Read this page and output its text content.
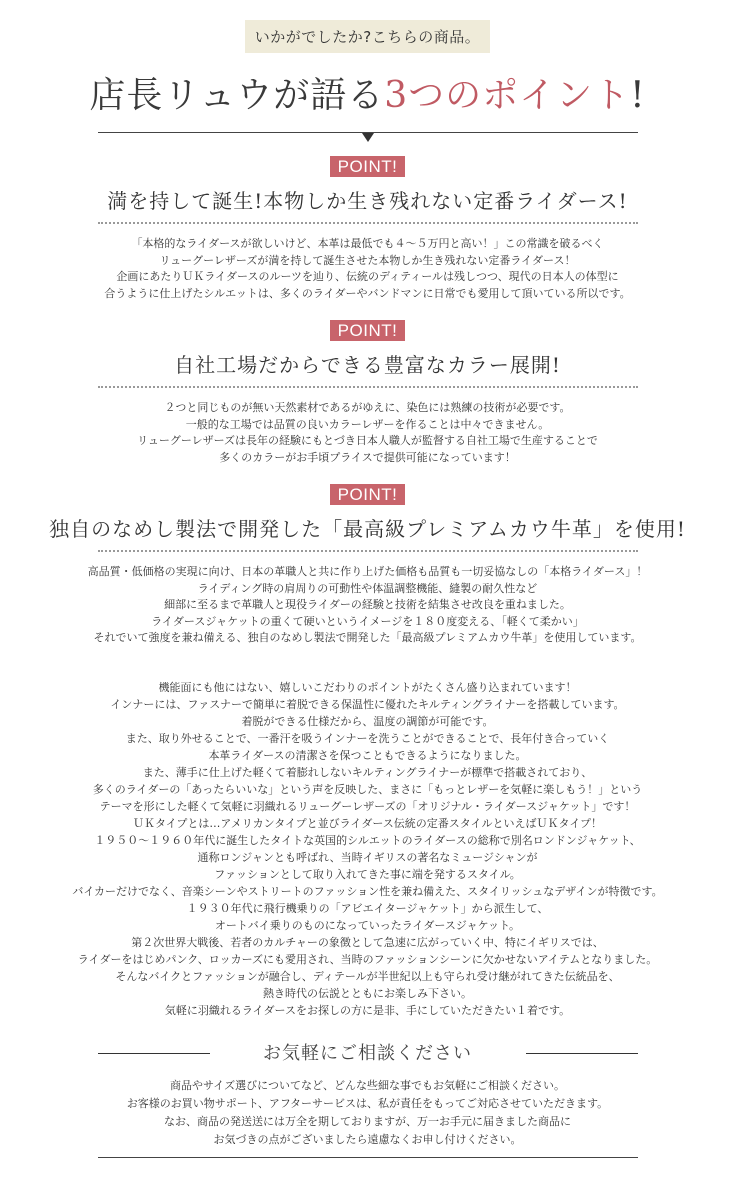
いかがでしたか?こちらの商品。
店長リュウが語る3つのポイント!
POINT!
満を持して誕生!本物しか生き残れない定番ライダース!
「本格的なライダースが欲しいけど、本革は最低でも４～５万円と高い！」この常識を破るべく
リューグーレザーズが満を持して誕生させた本物しか生き残れない定番ライダース！
企画にあたりＵＫライダースのルーツを辿り、伝統のディティールは残しつつ、現代の日本人の体型に
合うように仕上げたシルエットは、多くのライダーやバンドマンに日常でも愛用して頂いている所以です。
POINT!
自社工場だからできる豊富なカラー展開!
２つと同じものが無い天然素材であるがゆえに、染色には熟練の技術が必要です。
一般的な工場では品質の良いカラーレザーを作ることは中々できません。
リューグーレザーズは長年の経験にもとづき日本人職人が監督する自社工場で生産することで
多くのカラーがお手頃プライスで提供可能になっています！
POINT!
独自のなめし製法で開発した「最高級プレミアムカウ牛革」を使用!
高品質・低価格の実現に向け、日本の革職人と共に作り上げた価格も品質も一切妥協なしの「本格ライダース」！
ライディング時の肩周りの可動性や体温調整機能、縫製の耐久性など
細部に至るまで革職人と現役ライダーの経験と技術を結集させ改良を重ねました。
ライダースジャケットの重くて硬いというイメージを１８０度変える、「軽くて柔かい」
それでいて強度を兼ね備える、独自のなめし製法で開発した「最高級プレミアムカウ牛革」を使用しています。
機能面にも他にはない、嬉しいこだわりのポイントがたくさん盛り込まれています！
インナーには、ファスナーで簡単に着脱できる保温性に優れたキルティングライナーを搭載しています。
着脱ができる仕様だから、温度の調節が可能です。
また、取り外せることで、一番汗を吸うインナーを洗うことができることで、長年付き合っていく
本革ライダースの清潔さを保つこともできるようになりました。
また、薄手に仕上げた軽くて着膨れしないキルティングライナーが標準で搭載されており、
多くのライダーの「あったらいいな」という声を反映した、まさに「もっとレザーを気軽に楽しもう！」という
テーマを形にした軽くて気軽に羽織れるリューグーレザーズの「オリジナル・ライダースジャケット」です！
ＵＫタイプとは…アメリカンタイプと並びライダース伝統の定番スタイルといえばＵＫタイプ！
１９５０～１９６０年代に誕生したタイトな英国的シルエットのライダースの総称で別名ロンドンジャケット、
通称ロンジャンとも呼ばれ、当時イギリスの著名なミュージシャンが
ファッションとして取り入れてきた事に端を発するスタイル。
バイカーだけでなく、音楽シーンやストリートのファッション性を兼ね備えた、スタイリッシュなデザインが特徴です。
１９３０年代に飛行機乗りの「アビエイタージャケット」から派生して、
オートバイ乗りのものになっていったライダースジャケット。
第２次世界大戦後、若者のカルチャーの象徴として急速に広がっていく中、特にイギリスでは、
ライダーをはじめパンク、ロッカーズにも愛用され、当時のファッションシーンに欠かせないアイテムとなりました。
そんなバイクとファッションが融合し、ディテールが半世紀以上も守られ受け継がれてきた伝統品を、
熱き時代の伝説とともにお楽しみ下さい。
気軽に羽織れるライダースをお探しの方に是非、手にしていただきたい１着です。
お気軽にご相談ください
商品やサイズ選びについてなど、どんな些細な事でもお気軽にご相談ください。
お客様のお買い物サポート、アフターサービスは、私が責任をもってご対応させていただきます。
なお、商品の発送送には万全を期しておりますが、万一お手元に届きました商品に
お気づきの点がございましたら遠慮なくお申し付けください。
